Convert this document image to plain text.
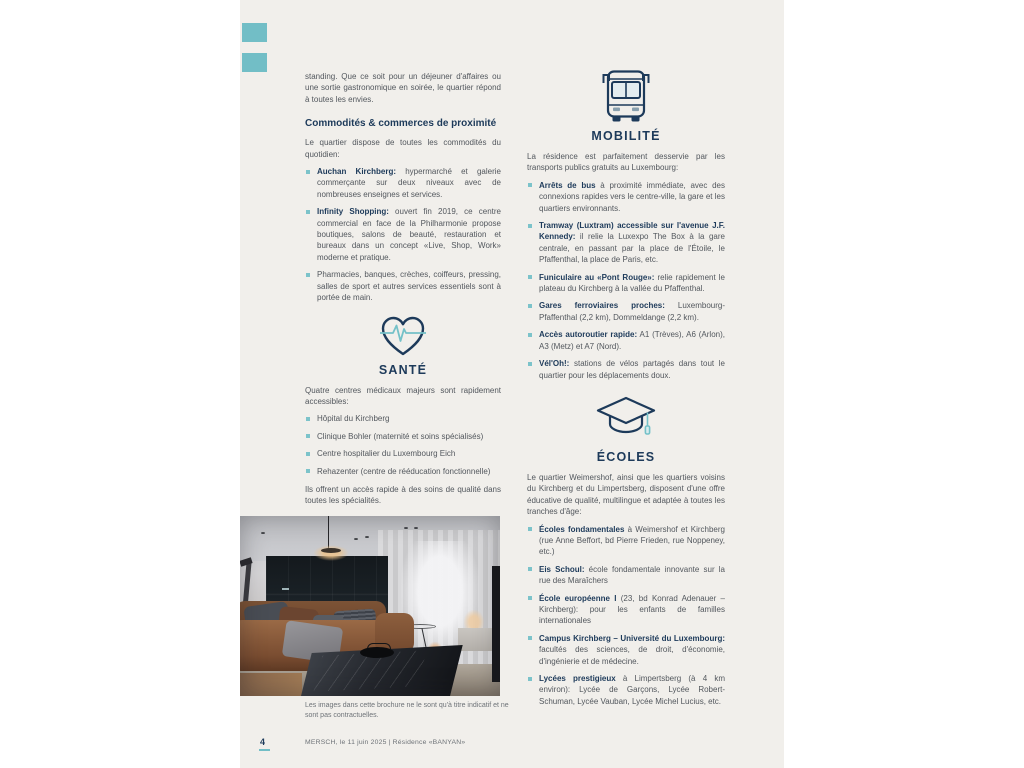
standing. Que ce soit pour un déjeuner d'affaires ou une sortie gastronomique en soirée, le quartier répond à toutes les envies.

Commodités & commerces de proximité

Le quartier dispose de toutes les commodités du quotidien:

Auchan Kirchberg: hypermarché et galerie commerçante sur deux niveaux avec de nombreuses enseignes et services.

Infinity Shopping: ouvert fin 2019, ce centre commercial en face de la Philharmonie propose boutiques, salons de beauté, restauration et bureaux dans un concept «Live, Shop, Work» moderne et pratique.

Pharmacies, banques, crèches, coiffeurs, pressing, salles de sport et autres services essentiels sont à portée de main.

SANTÉ

Quatre centres médicaux majeurs sont rapidement accessibles:

Hôpital du Kirchberg

Clinique Bohler (maternité et soins spécialisés)

Centre hospitalier du Luxembourg Eich

Rehazenter (centre de rééducation fonctionnelle)

Ils offrent un accès rapide à des soins de qualité dans toutes les spécialités.

MOBILITÉ

La résidence est parfaitement desservie par les transports publics gratuits au Luxembourg:

Arrêts de bus à proximité immédiate, avec des connexions rapides vers le centre-ville, la gare et les quartiers environnants.

Tramway (Luxtram) accessible sur l'avenue J.F. Kennedy: il relie la Luxexpo The Box à la gare centrale, en passant par la place de l'Étoile, le Pfaffenthal, la place de Paris, etc.

Funiculaire au «Pont Rouge»: relie rapidement le plateau du Kirchberg à la vallée du Pfaffenthal.

Gares ferroviaires proches: Luxembourg-Pfaffenthal (2,2 km), Dommeldange (2,2 km).

Accès autoroutier rapide: A1 (Trèves), A6 (Arlon), A3 (Metz) et A7 (Nord).

Vél'Oh!: stations de vélos partagés dans tout le quartier pour les déplacements doux.

ÉCOLES

Le quartier Weimershof, ainsi que les quartiers voisins du Kirchberg et du Limpertsberg, disposent d'une offre éducative de qualité, multilingue et adaptée à toutes les tranches d'âge:

Écoles fondamentales à Weimershof et Kirchberg (rue Anne Beffort, bd Pierre Frieden, rue Noppeney, etc.)

Eis Schoul: école fondamentale innovante sur la rue des Maraîchers

École européenne I (23, bd Konrad Adenauer – Kirchberg): pour les enfants de familles internationales

Campus Kirchberg – Université du Luxembourg: facultés des sciences, de droit, d'économie, d'ingénierie et de médecine.

Lycées prestigieux à Limpertsberg (à 4 km environ): Lycée de Garçons, Lycée Robert-Schuman, Lycée Vauban, Lycée Michel Lucius, etc.

Les images dans cette brochure ne le sont qu'à titre indicatif et ne sont pas contractuelles.
4	MERSCH, le 11 juin 2025 | Résidence «BANYAN»
